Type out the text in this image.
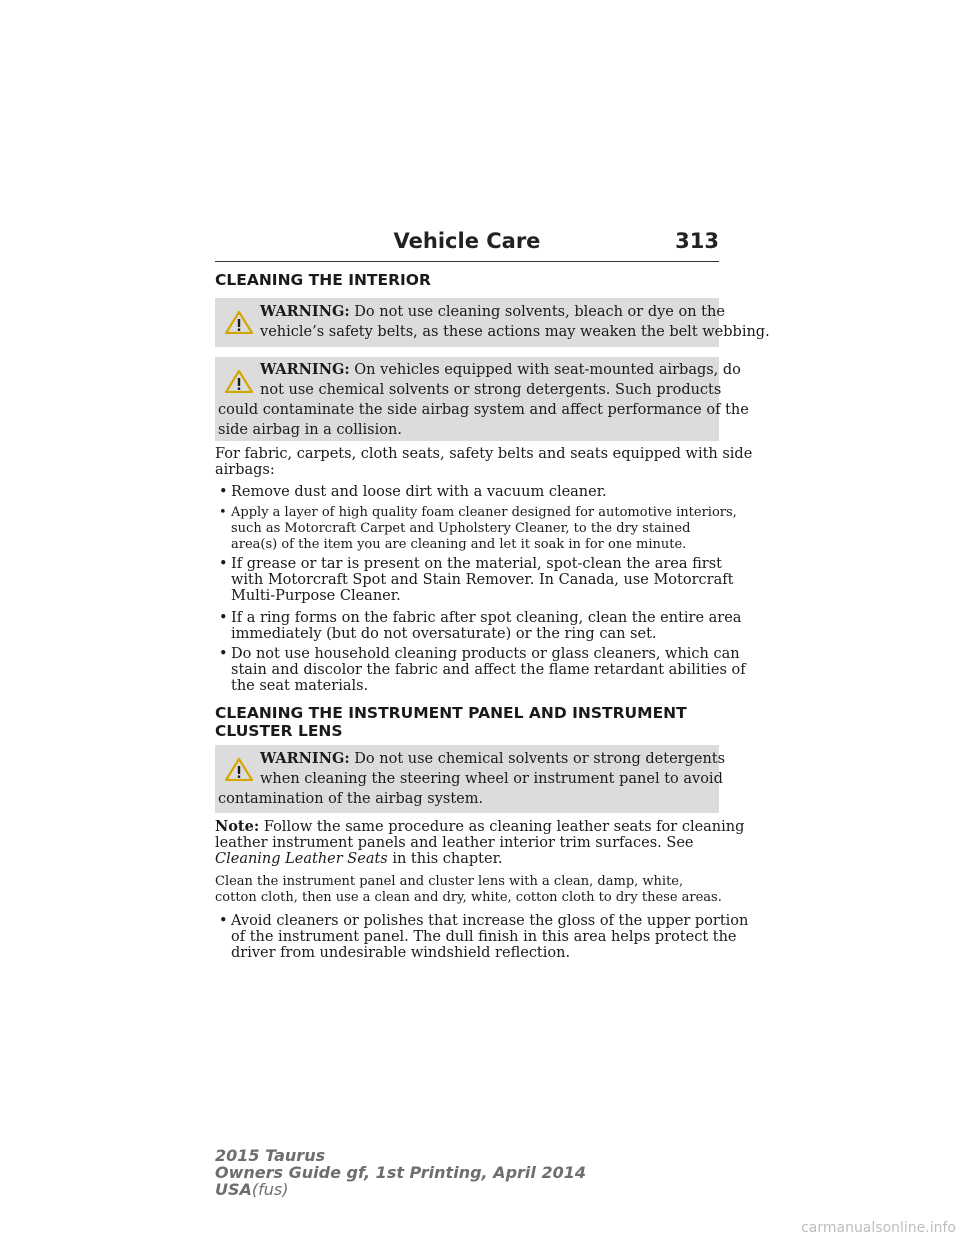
Vehicle Care	313
CLEANING THE INTERIOR
WARNING: Do not use cleaning solvents, bleach or dye on the
vehicle’s safety belts, as these actions may weaken the belt webbing.
WARNING: On vehicles equipped with seat-mounted airbags, do
not use chemical solvents or strong detergents. Such products
could contaminate the side airbag system and affect performance of the
side airbag in a collision.
For fabric, carpets, cloth seats, safety belts and seats equipped with side
airbags:
• Remove dust and loose dirt with a vacuum cleaner.
• Apply a layer of high quality foam cleaner designed for automotive interiors,
such as Motorcraft Carpet and Upholstery Cleaner, to the dry stained
area(s) of the item you are cleaning and let it soak in for one minute.
• If grease or tar is present on the material, spot-clean the area first
with Motorcraft Spot and Stain Remover. In Canada, use Motorcraft
Multi-Purpose Cleaner.
• If a ring forms on the fabric after spot cleaning, clean the entire area
immediately (but do not oversaturate) or the ring can set.
• Do not use household cleaning products or glass cleaners, which can
stain and discolor the fabric and affect the flame retardant abilities of
the seat materials.
CLEANING THE INSTRUMENT PANEL AND INSTRUMENT
CLUSTER LENS
WARNING: Do not use chemical solvents or strong detergents
when cleaning the steering wheel or instrument panel to avoid
contamination of the airbag system.
Note: Follow the same procedure as cleaning leather seats for cleaning
leather instrument panels and leather interior trim surfaces. See
Cleaning Leather Seats in this chapter.
Clean the instrument panel and cluster lens with a clean, damp, white,
cotton cloth, then use a clean and dry, white, cotton cloth to dry these areas.
• Avoid cleaners or polishes that increase the gloss of the upper portion
of the instrument panel. The dull finish in this area helps protect the
driver from undesirable windshield reflection.
2015 Taurus
Owners Guide gf, 1st Printing, April 2014
USA(fus)
carmanualsonline.info
